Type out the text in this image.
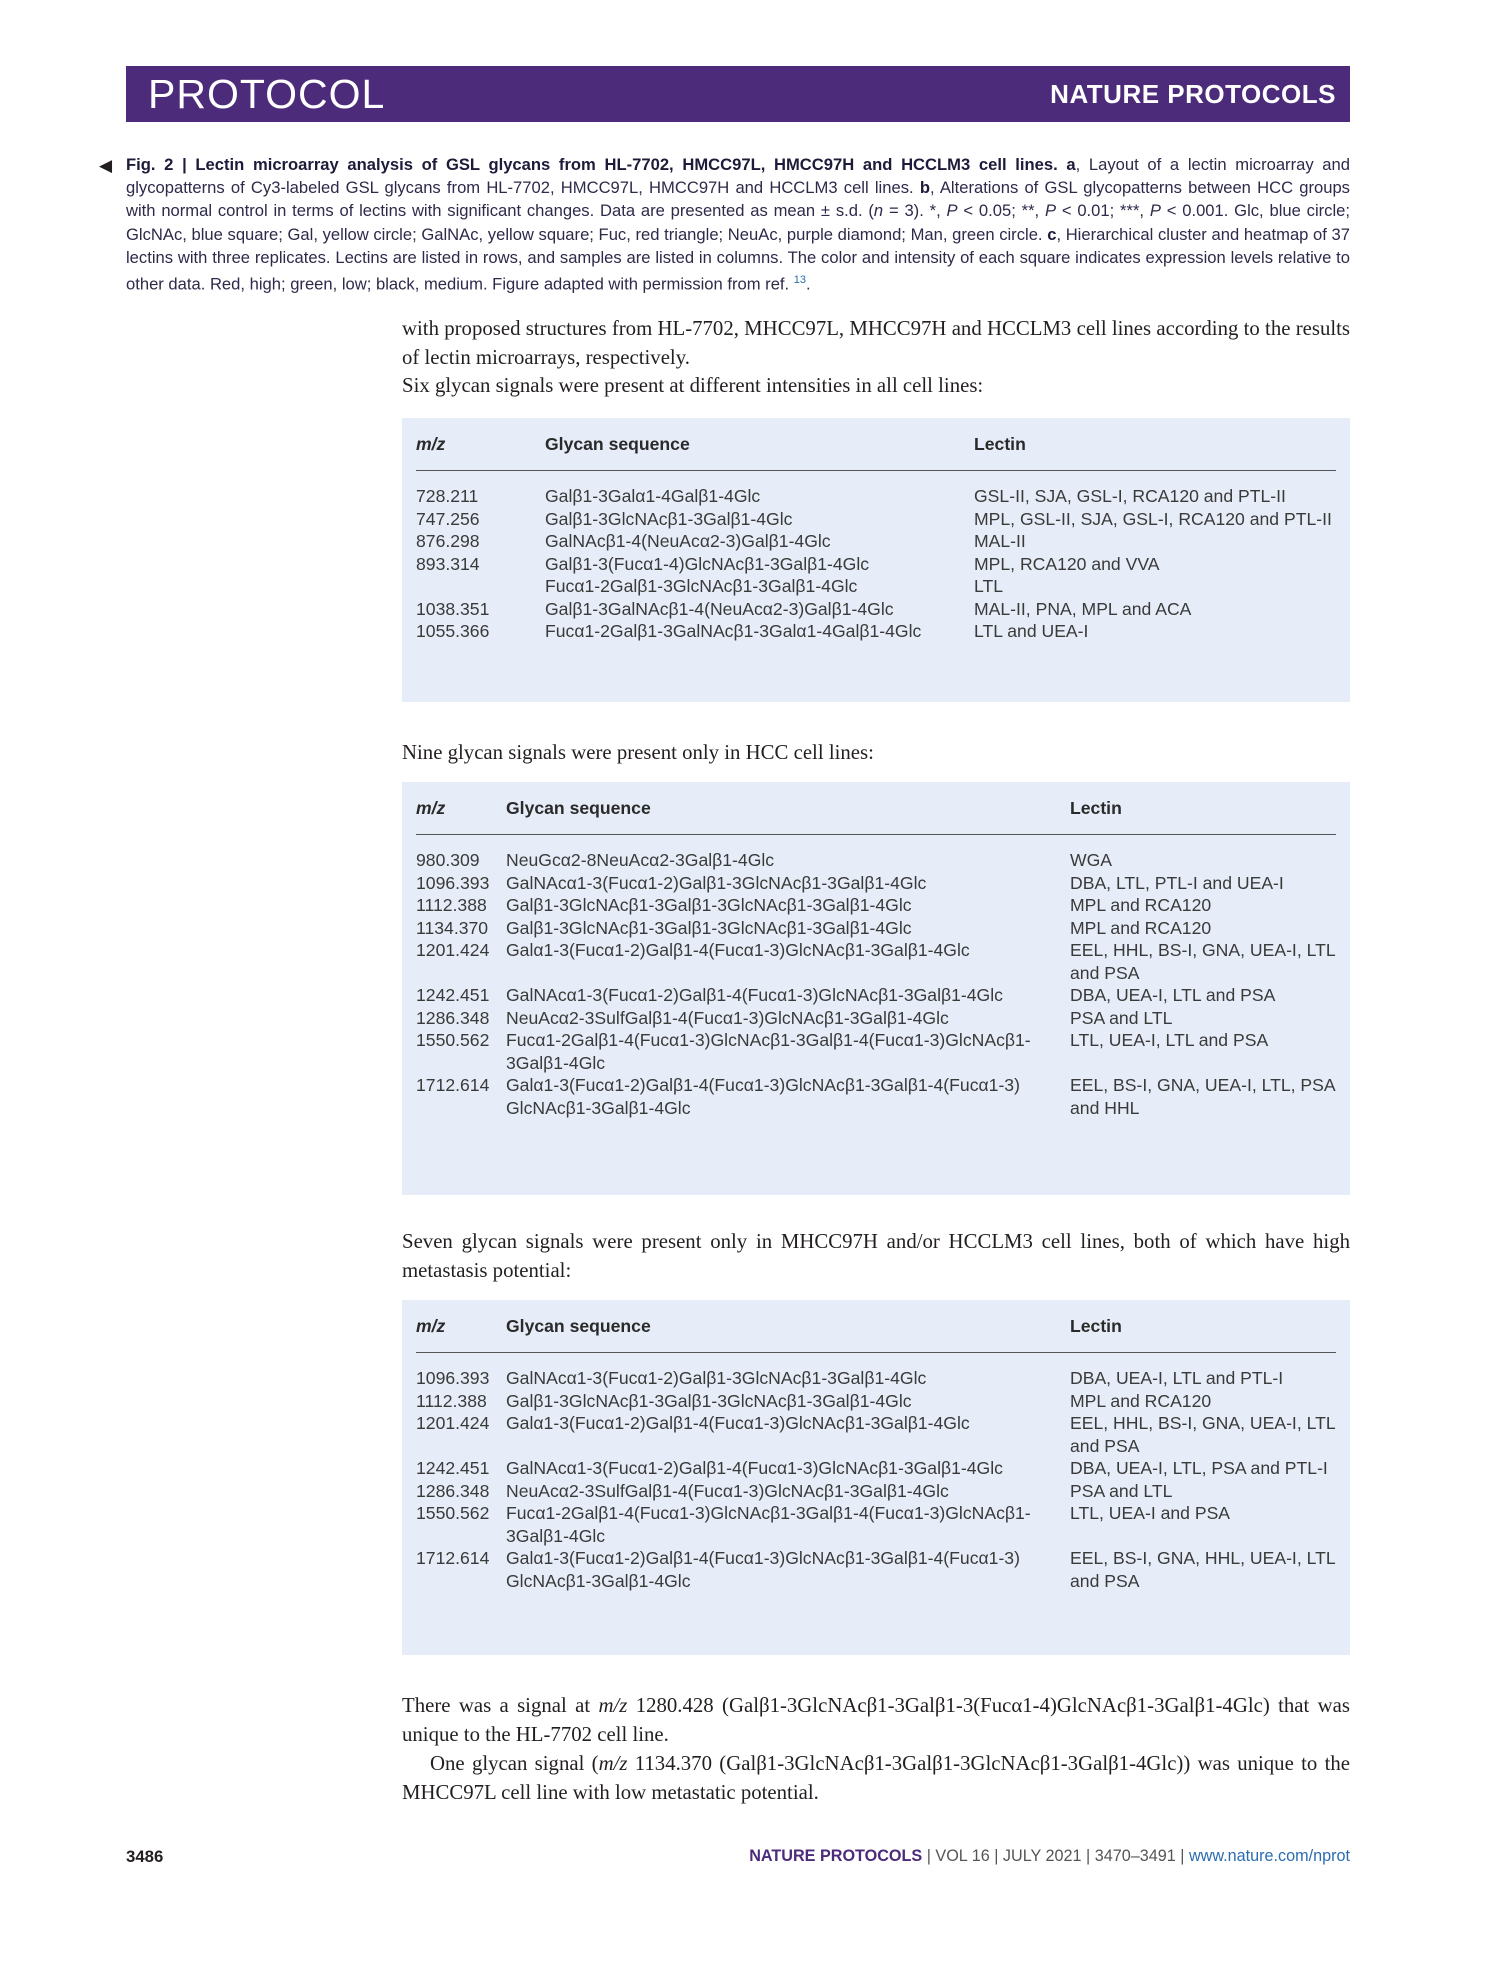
PROTOCOL	NATURE PROTOCOLS
◀ Fig. 2 | Lectin microarray analysis of GSL glycans from HL-7702, HMCC97L, HMCC97H and HCCLM3 cell lines. a, Layout of a lectin microarray and glycopatterns of Cy3-labeled GSL glycans from HL-7702, HMCC97L, HMCC97H and HCCLM3 cell lines. b, Alterations of GSL glycopatterns between HCC groups with normal control in terms of lectins with significant changes. Data are presented as mean ± s.d. (n = 3). *, P < 0.05; **, P < 0.01; ***, P < 0.001. Glc, blue circle; GlcNAc, blue square; Gal, yellow circle; GalNAc, yellow square; Fuc, red triangle; NeuAc, purple diamond; Man, green circle. c, Hierarchical cluster and heatmap of 37 lectins with three replicates. Lectins are listed in rows, and samples are listed in columns. The color and intensity of each square indicates expression levels relative to other data. Red, high; green, low; black, medium. Figure adapted with permission from ref. $^{13}$.
with proposed structures from HL-7702, MHCC97L, MHCC97H and HCCLM3 cell lines according to the results of lectin microarrays, respectively.
Six glycan signals were present at different intensities in all cell lines:
m/z	Glycan sequence	Lectin
728.211	Galβ1-3Galα1-4Galβ1-4Glc	GSL-II, SJA, GSL-I, RCA120 and PTL-II
747.256	Galβ1-3GlcNAcβ1-3Galβ1-4Glc	MPL, GSL-II, SJA, GSL-I, RCA120 and PTL-II
876.298	GalNAcβ1-4(NeuAcα2-3)Galβ1-4Glc	MAL-II
893.314	Galβ1-3(Fucα1-4)GlcNAcβ1-3Galβ1-4Glc	MPL, RCA120 and VVA
	Fucα1-2Galβ1-3GlcNAcβ1-3Galβ1-4Glc	LTL
1038.351	Galβ1-3GalNAcβ1-4(NeuAcα2-3)Galβ1-4Glc	MAL-II, PNA, MPL and ACA
1055.366	Fucα1-2Galβ1-3GalNAcβ1-3Galα1-4Galβ1-4Glc	LTL and UEA-I
Nine glycan signals were present only in HCC cell lines:
m/z	Glycan sequence	Lectin
980.309	NeuGcα2-8NeuAcα2-3Galβ1-4Glc	WGA
1096.393	GalNAcα1-3(Fucα1-2)Galβ1-3GlcNAcβ1-3Galβ1-4Glc	DBA, LTL, PTL-I and UEA-I
1112.388	Galβ1-3GlcNAcβ1-3Galβ1-3GlcNAcβ1-3Galβ1-4Glc	MPL and RCA120
1134.370	Galβ1-3GlcNAcβ1-3Galβ1-3GlcNAcβ1-3Galβ1-4Glc	MPL and RCA120
1201.424	Galα1-3(Fucα1-2)Galβ1-4(Fucα1-3)GlcNAcβ1-3Galβ1-4Glc	EEL, HHL, BS-I, GNA, UEA-I, LTL and PSA
1242.451	GalNAcα1-3(Fucα1-2)Galβ1-4(Fucα1-3)GlcNAcβ1-3Galβ1-4Glc	DBA, UEA-I, LTL and PSA
1286.348	NeuAcα2-3SulfGalβ1-4(Fucα1-3)GlcNAcβ1-3Galβ1-4Glc	PSA and LTL
1550.562	Fucα1-2Galβ1-4(Fucα1-3)GlcNAcβ1-3Galβ1-4(Fucα1-3)GlcNAcβ1-3Galβ1-4Glc	LTL, UEA-I, LTL and PSA
1712.614	Galα1-3(Fucα1-2)Galβ1-4(Fucα1-3)GlcNAcβ1-3Galβ1-4(Fucα1-3) GlcNAcβ1-3Galβ1-4Glc	EEL, BS-I, GNA, UEA-I, LTL, PSA and HHL
Seven glycan signals were present only in MHCC97H and/or HCCLM3 cell lines, both of which have high metastasis potential:
m/z	Glycan sequence	Lectin
1096.393	GalNAcα1-3(Fucα1-2)Galβ1-3GlcNAcβ1-3Galβ1-4Glc	DBA, UEA-I, LTL and PTL-I
1112.388	Galβ1-3GlcNAcβ1-3Galβ1-3GlcNAcβ1-3Galβ1-4Glc	MPL and RCA120
1201.424	Galα1-3(Fucα1-2)Galβ1-4(Fucα1-3)GlcNAcβ1-3Galβ1-4Glc	EEL, HHL, BS-I, GNA, UEA-I, LTL and PSA
1242.451	GalNAcα1-3(Fucα1-2)Galβ1-4(Fucα1-3)GlcNAcβ1-3Galβ1-4Glc	DBA, UEA-I, LTL, PSA and PTL-I
1286.348	NeuAcα2-3SulfGalβ1-4(Fucα1-3)GlcNAcβ1-3Galβ1-4Glc	PSA and LTL
1550.562	Fucα1-2Galβ1-4(Fucα1-3)GlcNAcβ1-3Galβ1-4(Fucα1-3)GlcNAcβ1-3Galβ1-4Glc	LTL, UEA-I and PSA
1712.614	Galα1-3(Fucα1-2)Galβ1-4(Fucα1-3)GlcNAcβ1-3Galβ1-4(Fucα1-3) GlcNAcβ1-3Galβ1-4Glc	EEL, BS-I, GNA, HHL, UEA-I, LTL and PSA
There was a signal at m/z 1280.428 (Galβ1-3GlcNAcβ1-3Galβ1-3(Fucα1-4)GlcNAcβ1-3Galβ1-4Glc) that was unique to the HL-7702 cell line.
One glycan signal (m/z 1134.370 (Galβ1-3GlcNAcβ1-3Galβ1-3GlcNAcβ1-3Galβ1-4Glc)) was unique to the MHCC97L cell line with low metastatic potential.
3486	NATURE PROTOCOLS | VOL 16 | JULY 2021 | 3470–3491 | www.nature.com/nprot
